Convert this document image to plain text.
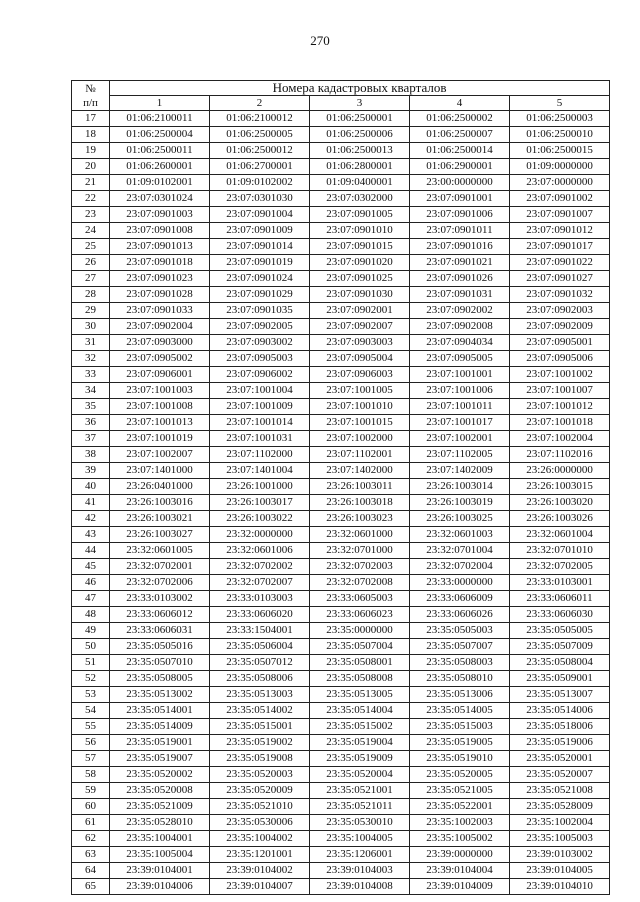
270
№
п/п	Номера кадастровых кварталов				
	1	2	3	4	5
17	01:06:2100011	01:06:2100012	01:06:2500001	01:06:2500002	01:06:2500003
18	01:06:2500004	01:06:2500005	01:06:2500006	01:06:2500007	01:06:2500010
19	01:06:2500011	01:06:2500012	01:06:2500013	01:06:2500014	01:06:2500015
20	01:06:2600001	01:06:2700001	01:06:2800001	01:06:2900001	01:09:0000000
21	01:09:0102001	01:09:0102002	01:09:0400001	23:00:0000000	23:07:0000000
22	23:07:0301024	23:07:0301030	23:07:0302000	23:07:0901001	23:07:0901002
23	23:07:0901003	23:07:0901004	23:07:0901005	23:07:0901006	23:07:0901007
24	23:07:0901008	23:07:0901009	23:07:0901010	23:07:0901011	23:07:0901012
25	23:07:0901013	23:07:0901014	23:07:0901015	23:07:0901016	23:07:0901017
26	23:07:0901018	23:07:0901019	23:07:0901020	23:07:0901021	23:07:0901022
27	23:07:0901023	23:07:0901024	23:07:0901025	23:07:0901026	23:07:0901027
28	23:07:0901028	23:07:0901029	23:07:0901030	23:07:0901031	23:07:0901032
29	23:07:0901033	23:07:0901035	23:07:0902001	23:07:0902002	23:07:0902003
30	23:07:0902004	23:07:0902005	23:07:0902007	23:07:0902008	23:07:0902009
31	23:07:0903000	23:07:0903002	23:07:0903003	23:07:0904034	23:07:0905001
32	23:07:0905002	23:07:0905003	23:07:0905004	23:07:0905005	23:07:0905006
33	23:07:0906001	23:07:0906002	23:07:0906003	23:07:1001001	23:07:1001002
34	23:07:1001003	23:07:1001004	23:07:1001005	23:07:1001006	23:07:1001007
35	23:07:1001008	23:07:1001009	23:07:1001010	23:07:1001011	23:07:1001012
36	23:07:1001013	23:07:1001014	23:07:1001015	23:07:1001017	23:07:1001018
37	23:07:1001019	23:07:1001031	23:07:1002000	23:07:1002001	23:07:1002004
38	23:07:1002007	23:07:1102000	23:07:1102001	23:07:1102005	23:07:1102016
39	23:07:1401000	23:07:1401004	23:07:1402000	23:07:1402009	23:26:0000000
40	23:26:0401000	23:26:1001000	23:26:1003011	23:26:1003014	23:26:1003015
41	23:26:1003016	23:26:1003017	23:26:1003018	23:26:1003019	23:26:1003020
42	23:26:1003021	23:26:1003022	23:26:1003023	23:26:1003025	23:26:1003026
43	23:26:1003027	23:32:0000000	23:32:0601000	23:32:0601003	23:32:0601004
44	23:32:0601005	23:32:0601006	23:32:0701000	23:32:0701004	23:32:0701010
45	23:32:0702001	23:32:0702002	23:32:0702003	23:32:0702004	23:32:0702005
46	23:32:0702006	23:32:0702007	23:32:0702008	23:33:0000000	23:33:0103001
47	23:33:0103002	23:33:0103003	23:33:0605003	23:33:0606009	23:33:0606011
48	23:33:0606012	23:33:0606020	23:33:0606023	23:33:0606026	23:33:0606030
49	23:33:0606031	23:33:1504001	23:35:0000000	23:35:0505003	23:35:0505005
50	23:35:0505016	23:35:0506004	23:35:0507004	23:35:0507007	23:35:0507009
51	23:35:0507010	23:35:0507012	23:35:0508001	23:35:0508003	23:35:0508004
52	23:35:0508005	23:35:0508006	23:35:0508008	23:35:0508010	23:35:0509001
53	23:35:0513002	23:35:0513003	23:35:0513005	23:35:0513006	23:35:0513007
54	23:35:0514001	23:35:0514002	23:35:0514004	23:35:0514005	23:35:0514006
55	23:35:0514009	23:35:0515001	23:35:0515002	23:35:0515003	23:35:0518006
56	23:35:0519001	23:35:0519002	23:35:0519004	23:35:0519005	23:35:0519006
57	23:35:0519007	23:35:0519008	23:35:0519009	23:35:0519010	23:35:0520001
58	23:35:0520002	23:35:0520003	23:35:0520004	23:35:0520005	23:35:0520007
59	23:35:0520008	23:35:0520009	23:35:0521001	23:35:0521005	23:35:0521008
60	23:35:0521009	23:35:0521010	23:35:0521011	23:35:0522001	23:35:0528009
61	23:35:0528010	23:35:0530006	23:35:0530010	23:35:1002003	23:35:1002004
62	23:35:1004001	23:35:1004002	23:35:1004005	23:35:1005002	23:35:1005003
63	23:35:1005004	23:35:1201001	23:35:1206001	23:39:0000000	23:39:0103002
64	23:39:0104001	23:39:0104002	23:39:0104003	23:39:0104004	23:39:0104005
65	23:39:0104006	23:39:0104007	23:39:0104008	23:39:0104009	23:39:0104010
